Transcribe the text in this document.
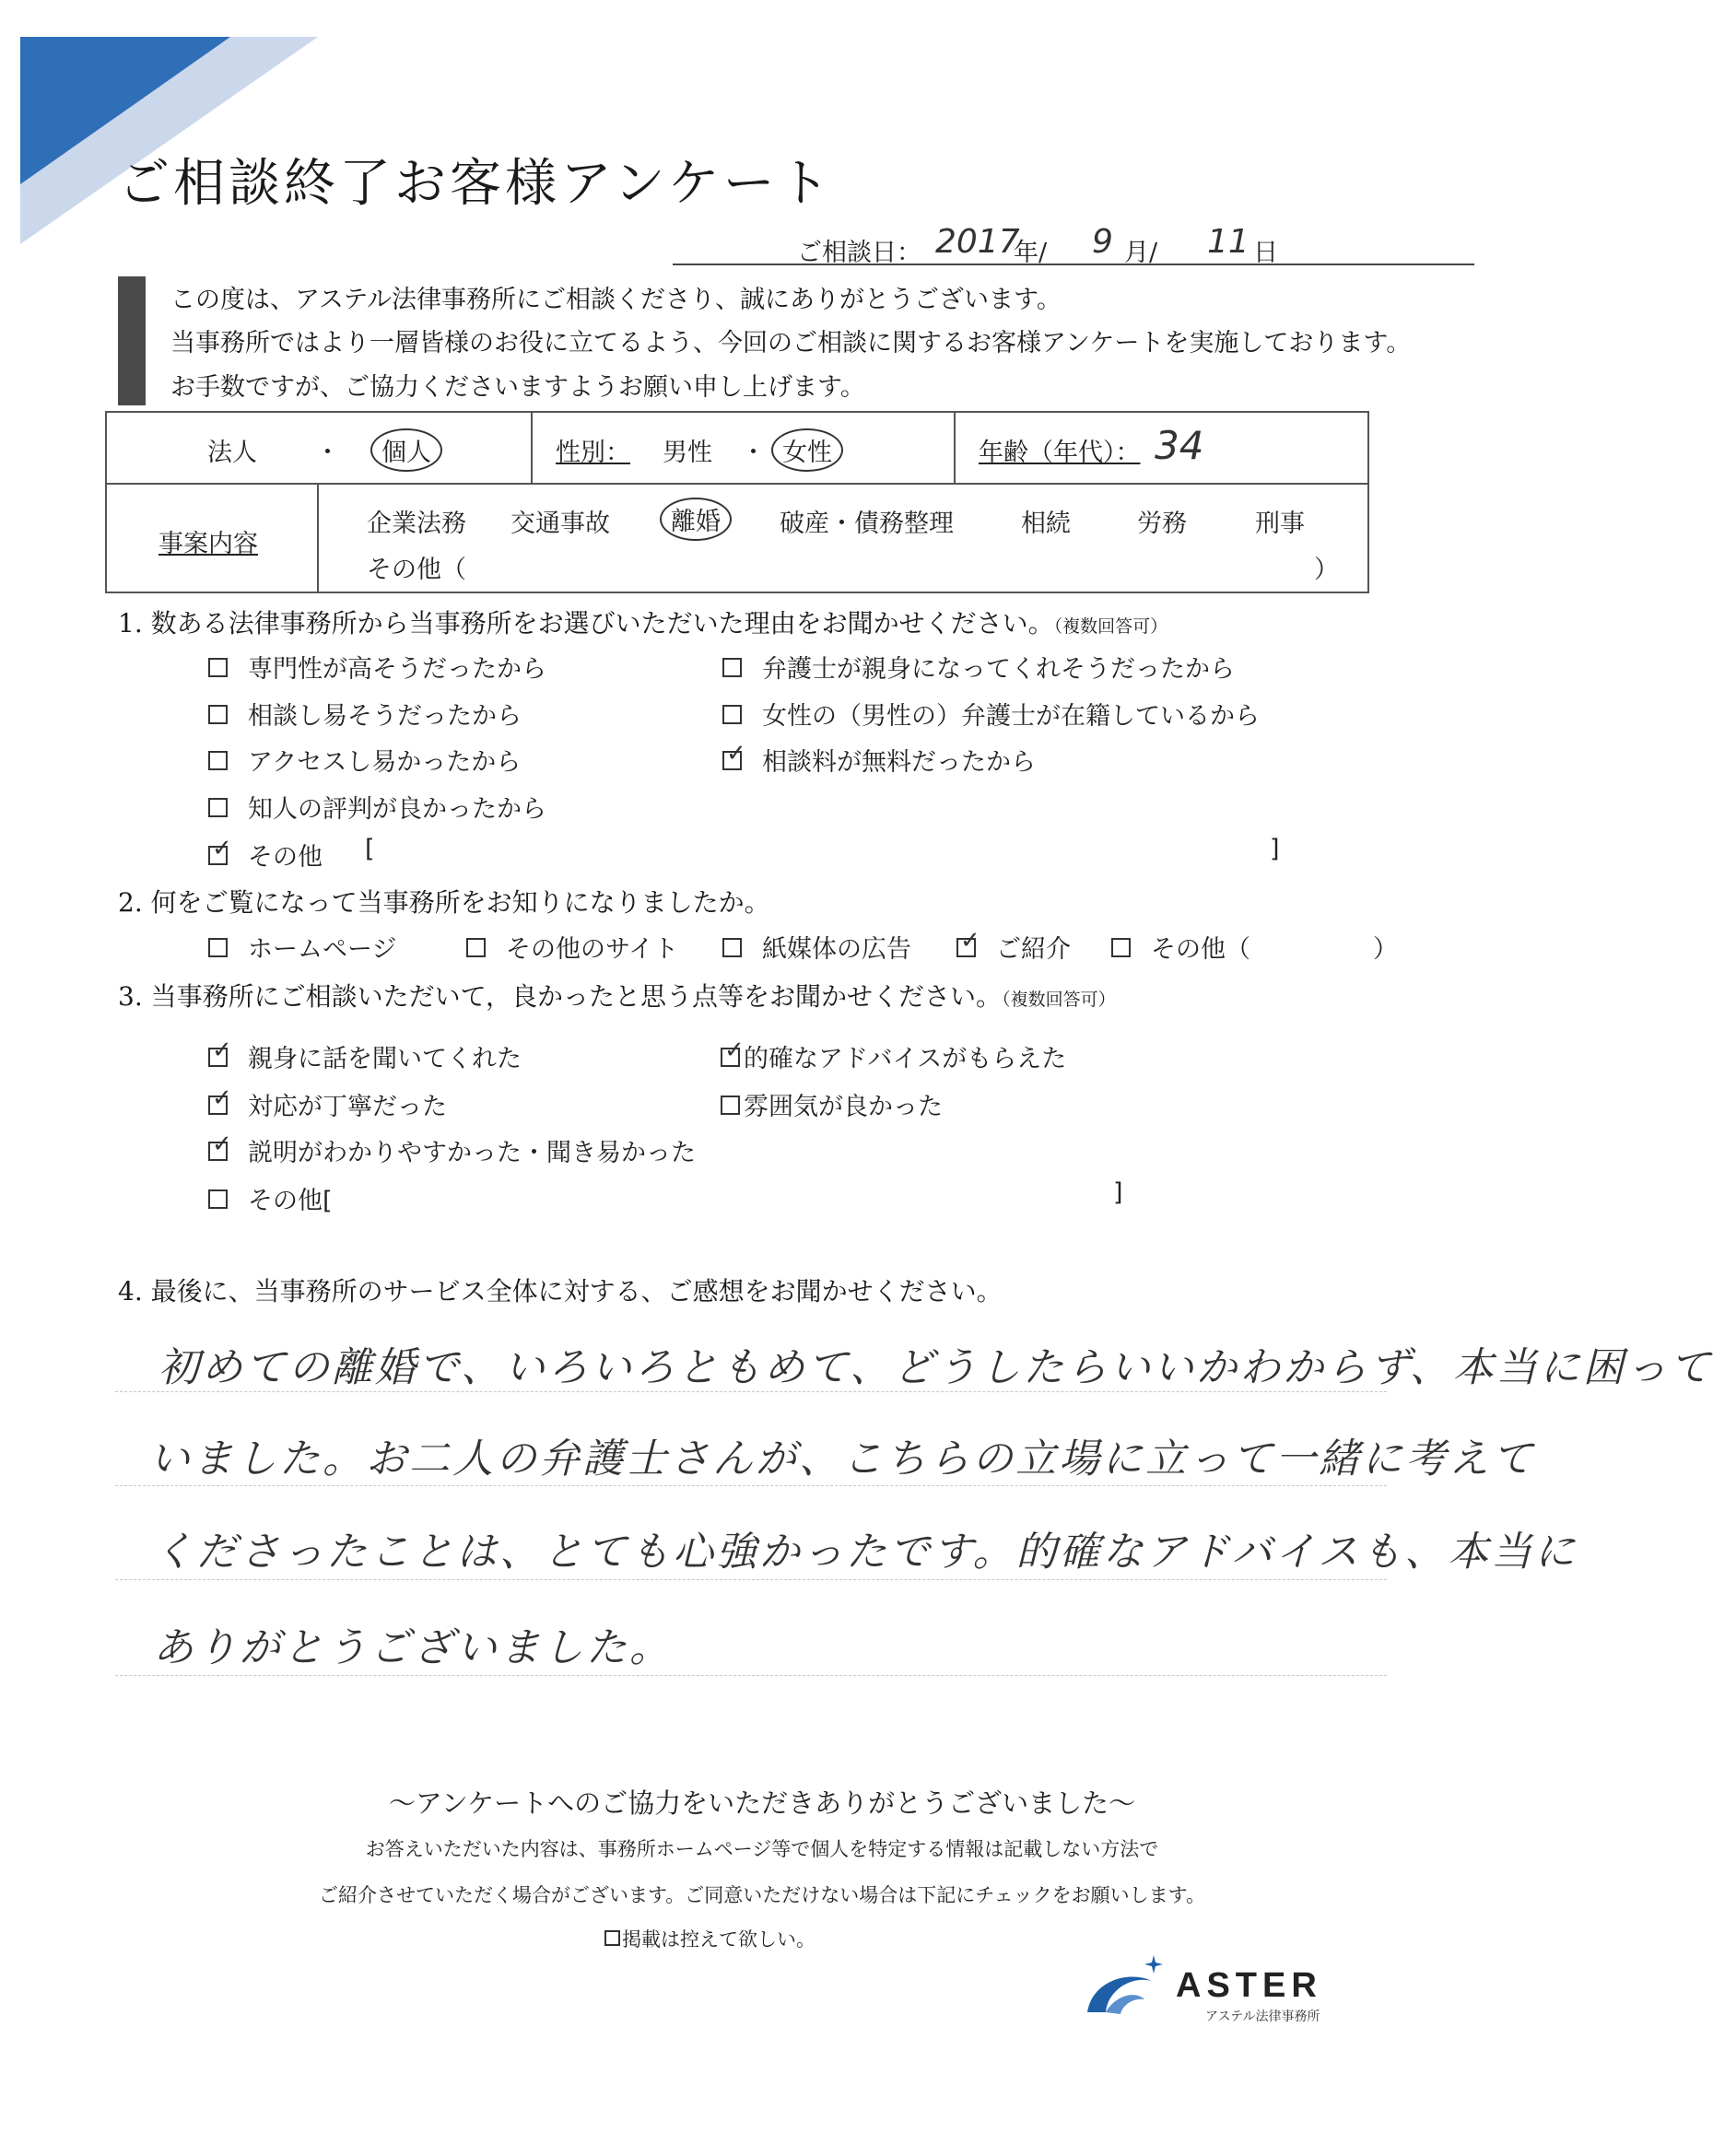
ご相談終了お客様アンケート
ご相談日： 2017
年/ 9 月/ 11 日
この度は、アステル法律事務所にご相談くださり、誠にありがとうございます。
当事務所ではより一層皆様のお役に立てるよう、今回のご相談に関するお客様アンケートを実施しております。
お手数ですが、ご協力くださいますようお願い申し上げます。
法人 ・	個人	性別： 男性 ・ 女性	年齢（年代）： 34

事案内容
企業法務 交通事故	離婚	破産・債務整理	相続	労務	刑事
その他（	）
1. 数ある法律事務所から当事務所をお選びいただいた理由をお聞かせください。（複数回答可）
専門性が高そうだったから
相談し易そうだったから
アクセスし易かったから
知人の評判が良かったから
✓その他 [	]
弁護士が親身になってくれそうだったから
女性の（男性の）弁護士が在籍しているから
✓相談料が無料だったから
2. 何をご覧になって当事務所をお知りになりましたか。
ホームページ	その他のサイト	紙媒体の広告
✓	ご紹介	その他（	）
3. 当事務所にご相談いただいて，良かったと思う点等をお聞かせください。（複数回答可）
✓親身に話を聞いてくれた
✓対応が丁寧だった
✓説明がわかりやすかった・聞き易かった
その他[	]
✓的確なアドバイスがもらえた
雰囲気が良かった
4. 最後に、当事務所のサービス全体に対する、ご感想をお聞かせください。
初めての離婚で、いろいろともめて、どうしたらいいかわからず、本当に困って
いました。お二人の弁護士さんが、こちらの立場に立って一緒に考えて
くださったことは、とても心強かったです。的確なアドバイスも、本当に
ありがとうございました。
～アンケートへのご協力をいただきありがとうございました～
お答えいただいた内容は、事務所ホームページ等で個人を特定する情報は記載しない方法で
ご紹介させていただく場合がございます。ご同意いただけない場合は下記にチェックをお願いします。
掲載は控えて欲しい。
ASTER
アステル法律事務所
